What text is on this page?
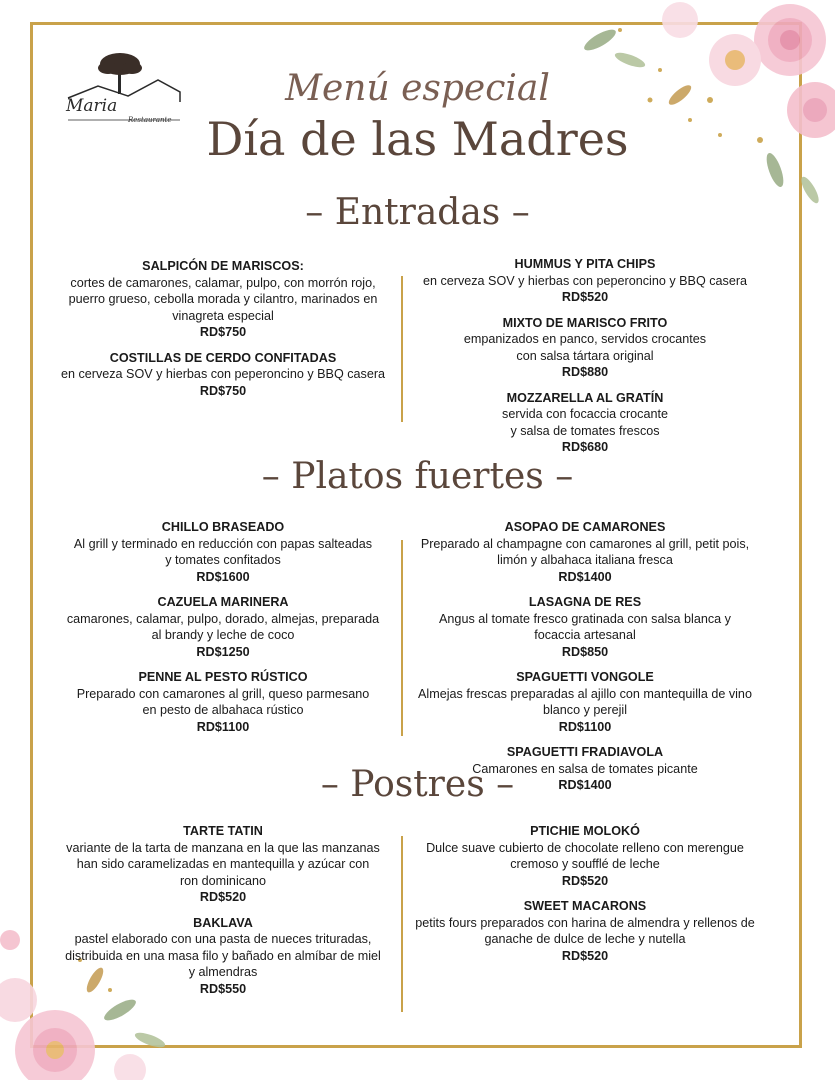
Maria
Restaurante
Menú especial
Día de las Madres
– Entradas –
SALPICÓN DE MARISCOS:
cortes de camarones, calamar, pulpo, con morrón rojo,
puerro grueso, cebolla morada y cilantro, marinados en
vinagreta especial
RD$750
COSTILLAS DE CERDO CONFITADAS
en cerveza SOV y hierbas con peperoncino y BBQ casera
RD$750
HUMMUS Y PITA CHIPS
en cerveza SOV y hierbas con peperoncino y BBQ casera
RD$520
MIXTO DE MARISCO FRITO
empanizados en panco, servidos crocantes
con salsa tártara original
RD$880
MOZZARELLA AL GRATÍN
servida con focaccia crocante
y salsa de tomates frescos
RD$680
– Platos fuertes –
CHILLO BRASEADO
Al grill y terminado en reducción con papas salteadas
y tomates confitados
RD$1600
CAZUELA MARINERA
camarones, calamar, pulpo, dorado, almejas, preparada
al brandy y leche de coco
RD$1250
PENNE AL PESTO RÚSTICO
Preparado con camarones al grill, queso parmesano
en pesto de albahaca rústico
RD$1100
ASOPAO DE CAMARONES
Preparado al champagne con camarones al grill, petit pois,
limón y albahaca italiana fresca
RD$1400
LASAGNA DE RES
Angus al tomate fresco gratinada con salsa blanca y
focaccia artesanal
RD$850
SPAGUETTI VONGOLE
Almejas frescas preparadas al ajillo con mantequilla de vino
blanco y perejil
RD$1100
SPAGUETTI FRADIAVOLA
Camarones en salsa de tomates picante
RD$1400
– Postres –
TARTE TATIN
variante de la tarta de manzana en la que las manzanas
han sido caramelizadas en mantequilla y azúcar con
ron dominicano
RD$520
BAKLAVA
pastel elaborado con una pasta de nueces trituradas,
distribuida en una masa filo y bañado en almíbar de miel
y almendras
RD$550
PTICHIE MOLOKÓ
Dulce suave cubierto de chocolate relleno con merengue
cremoso y soufflé de leche
RD$520
SWEET MACARONS
petits fours preparados con harina de almendra y rellenos de
ganache de dulce de leche y nutella
RD$520
